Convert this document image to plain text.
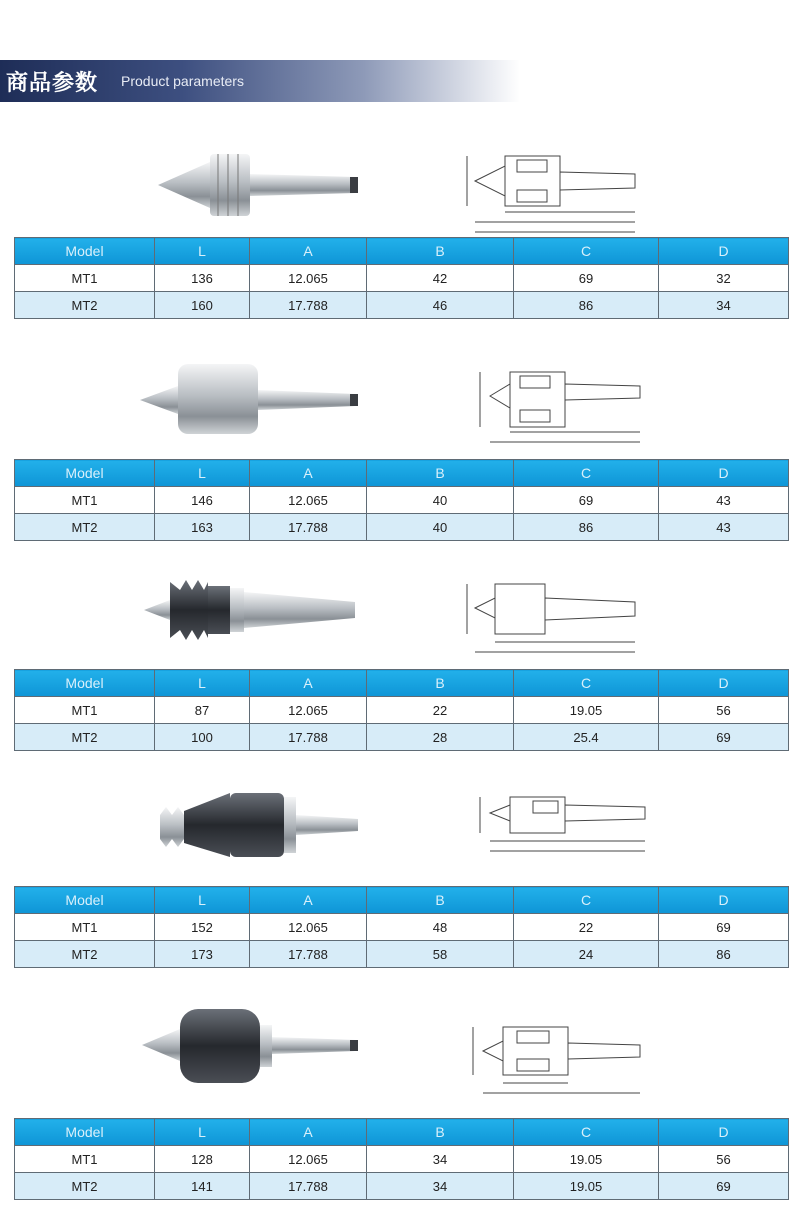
商品参数 Product parameters
Model	L	A	B	C	D
MT1	136	12.065	42	69	32
MT2	160	17.788	46	86	34
Model	L	A	B	C	D
MT1	146	12.065	40	69	43
MT2	163	17.788	40	86	43
Model	L	A	B	C	D
MT1	87	12.065	22	19.05	56
MT2	100	17.788	28	25.4	69
Model	L	A	B	C	D
MT1	152	12.065	48	22	69
MT2	173	17.788	58	24	86
Model	L	A	B	C	D
MT1	128	12.065	34	19.05	56
MT2	141	17.788	34	19.05	69
